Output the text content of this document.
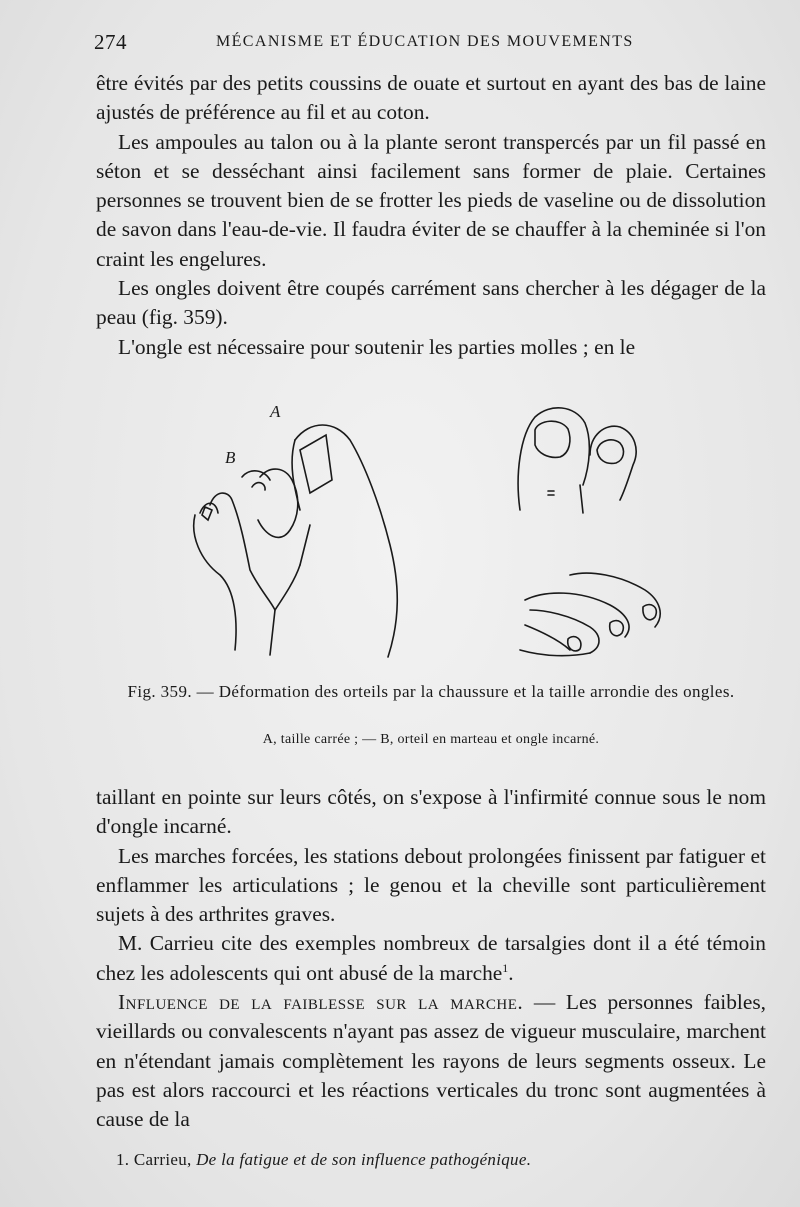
274	MÉCANISME ET ÉDUCATION DES MOUVEMENTS

être évités par des petits coussins de ouate et surtout en ayant des bas de laine ajustés de préférence au fil et au coton.

Les ampoules au talon ou à la plante seront transpercés par un fil passé en séton et se desséchant ainsi facilement sans former de plaie. Certaines personnes se trouvent bien de se frotter les pieds de vaseline ou de dissolution de savon dans l'eau-de-vie. Il faudra éviter de se chauffer à la cheminée si l'on craint les engelures.

Les ongles doivent être coupés carrément sans chercher à les dégager de la peau (fig. 359).

L'ongle est nécessaire pour soutenir les parties molles ; en le

A
B
Fig. 359. — Déformation des orteils par la chaussure et la taille arrondie des ongles.
A, taille carrée ; — B, orteil en marteau et ongle incarné.

taillant en pointe sur leurs côtés, on s'expose à l'infirmité connue sous le nom d'ongle incarné.

Les marches forcées, les stations debout prolongées finissent par fatiguer et enflammer les articulations ; le genou et la cheville sont particulièrement sujets à des arthrites graves.

M. Carrieu cite des exemples nombreux de tarsalgies dont il a été témoin chez les adolescents qui ont abusé de la marche$^1$.

Influence de la faiblesse sur la marche. — Les personnes faibles, vieillards ou convalescents n'ayant pas assez de vigueur musculaire, marchent en n'étendant jamais complètement les rayons de leurs segments osseux. Le pas est alors raccourci et les réactions verticales du tronc sont augmentées à cause de la

1. Carrieu, De la fatigue et de son influence pathogénique.
